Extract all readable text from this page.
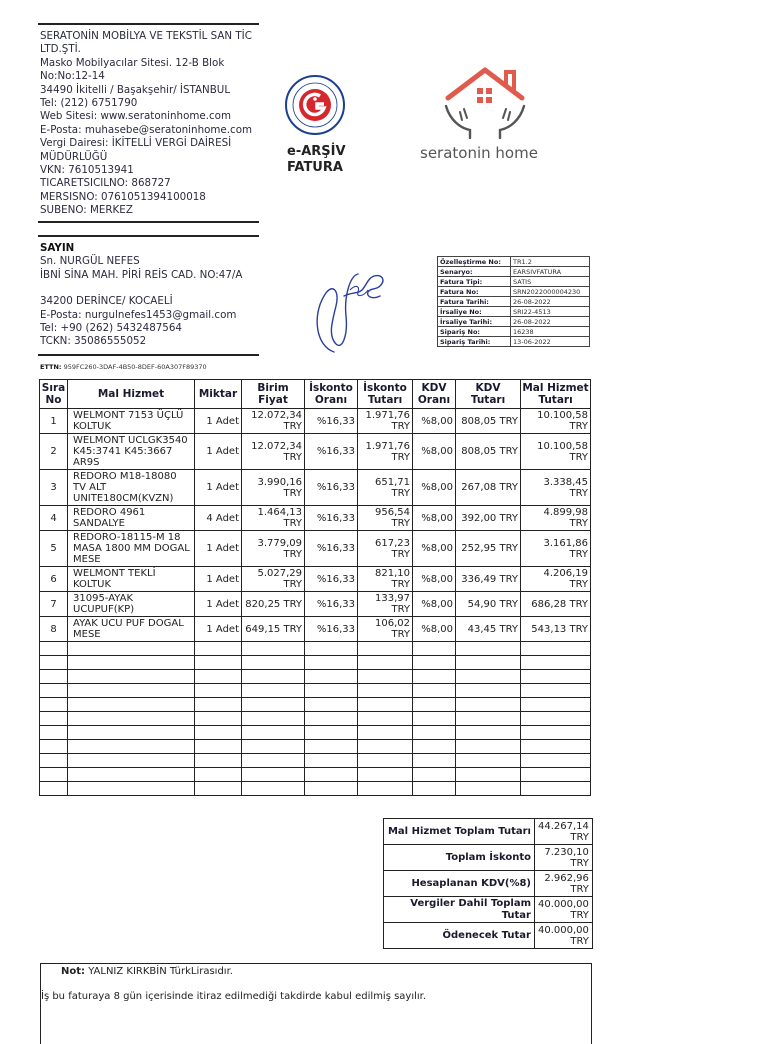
SERATONİN MOBİLYA VE TEKSTİL SAN TİC
LTD.ŞTİ.
Masko Mobilyacılar Sitesi. 12-B Blok
No:No:12-14
34490 İkitelli / Başakşehir/ İSTANBUL
Tel: (212) 6751790
Web Sitesi: www.seratoninhome.com
E-Posta: muhasebe@seratoninhome.com
Vergi Dairesi: İKİTELLİ VERGİ DAİRESİ
MÜDÜRLÜĞÜ
VKN: 7610513941
TICARETSICILNO: 868727
MERSISNO: 0761051394100018
SUBENO: MERKEZ
e-ARŞİV
FATURA
seratonin home
SAYIN
Sn. NURGÜL NEFES
İBNİ SİNA MAH. PİRİ REİS CAD. NO:47/A
34200 DERİNCE/ KOCAELİ
E-Posta: nurgulnefes1453@gmail.com
Tel: +90 (262) 5432487564
TCKN: 35086555052
Özelleştirme No:	TR1.2
Senaryo:	EARSIVFATURA
Fatura Tipi:	SATIS
Fatura No:	SRN2022000004230
Fatura Tarihi:	26-08-2022
İrsaliye No:	SRI22-4513
İrsaliye Tarihi:	26-08-2022
Sipariş No:	16238
Sipariş Tarihi:	13-06-2022
ETTN: 959FC260-3DAF-4B50-8DEF-60A307F89370
Sıra No	Mal Hizmet	Miktar	Birim Fiyat	İskonto Oranı	İskonto Tutarı	KDV Oranı	KDV Tutarı	Mal Hizmet Tutarı
1	WELMONT 7153 ÜÇLÜ KOLTUK	1 Adet	12.072,34 TRY	%16,33	1.971,76 TRY	%8,00	808,05 TRY	10.100,58 TRY
2	WELMONT UCLGK3540 K45:3741 K45:3667 AR9S	1 Adet	12.072,34 TRY	%16,33	1.971,76 TRY	%8,00	808,05 TRY	10.100,58 TRY
3	REDORO M18-18080 TV ALT UNITE180CM(KVZN)	1 Adet	3.990,16 TRY	%16,33	651,71 TRY	%8,00	267,08 TRY	3.338,45 TRY
4	REDORO 4961 SANDALYE	4 Adet	1.464,13 TRY	%16,33	956,54 TRY	%8,00	392,00 TRY	4.899,98 TRY
5	REDORO-18115-M 18 MASA 1800 MM DOGAL MESE	1 Adet	3.779,09 TRY	%16,33	617,23 TRY	%8,00	252,95 TRY	3.161,86 TRY
6	WELMONT TEKLİ KOLTUK	1 Adet	5.027,29 TRY	%16,33	821,10 TRY	%8,00	336,49 TRY	4.206,19 TRY
7	31095-AYAK UCUPUF(KP)	1 Adet	820,25 TRY	%16,33	133,97 TRY	%8,00	54,90 TRY	686,28 TRY
8	AYAK UCU PUF DOGAL MESE	1 Adet	649,15 TRY	%16,33	106,02 TRY	%8,00	43,45 TRY	543,13 TRY

Mal Hizmet Toplam Tutarı	44.267,14 TRY
Toplam İskonto	7.230,10 TRY
Hesaplanan KDV(%8)	2.962,96 TRY
Vergiler Dahil Toplam Tutar	40.000,00 TRY
Ödenecek Tutar	40.000,00 TRY
Not: YALNIZ KIRKBİN TürkLirasıdır.
İş bu faturaya 8 gün içerisinde itiraz edilmediği takdirde kabul edilmiş sayılır.
